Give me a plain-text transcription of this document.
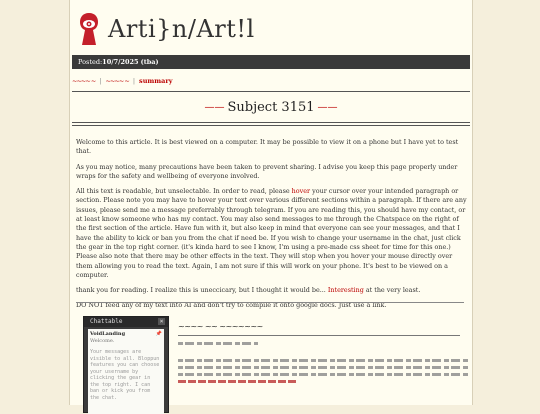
Arti}n/Art!l
Posted:10/7/2025 (tba)
~~~~ ~ | ~~~~ ~ | summary
—— Subject 3151 ——

Welcome to this article. It is best viewed on a computer. It may be possible to view it on a phone but I have yet to test that.

As you may notice, many precautions have been taken to prevent sharing. I advise you keep this page properly under wraps for the safety and wellbeing of everyone involved.

All this text is readable, but unselectable. In order to read, please hover your cursor over your intended paragraph or section. Please note you may have to hover your text over various different sections within a paragraph. If there are any issues, please send me a message preferrably through telegram. If you are reading this, you should have my contact, or at least know someone who has my contact. You may also send messages to me through the Chatspace on the right of the first section of the article. Have fun with it, but also keep in mind that everyone can see your messages, and that I have the ability to kick or ban you from the chat if need be. If you wish to change your username in the chat, just click the gear in the top right corner. (it's kinda hard to see I know, I'm using a pre-made css sheet for time for this one.) Please also note that there may be other effects in the text. They will stop when you hover your mouse directly over them allowing you to read the text. Again, I am not sure if this will work on your phone. It's best to be viewed on a computer.

thank you for reading. I realize this is uneccicary, but I thought it would be... Interesting at the very least.

DO NOT feed any of my text into AI and don't try to compile it onto google docs. Just use a link.

Chattable	×
VoidLanding	📌
Welcome.
Your messages are visible to all. Bloppun features you can choose your username by clicking the gear in the top right. I can ban or kick you from the chat.
~~~~ ~~ ~~~~~~~
